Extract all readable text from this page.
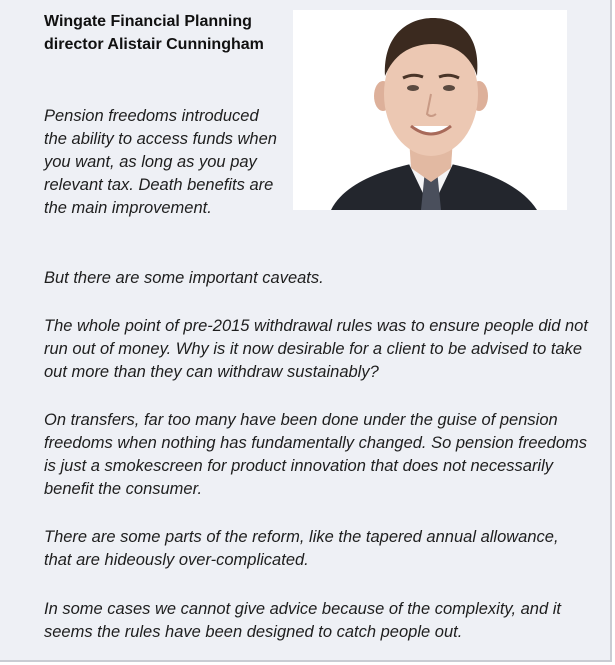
Wingate Financial Planning director Alistair Cunningham

Pension freedoms introduced the ability to access funds when you want, as long as you pay relevant tax. Death benefits are the main improvement.

But there are some important caveats.

The whole point of pre-2015 withdrawal rules was to ensure people did not run out of money. Why is it now desirable for a client to be advised to take out more than they can withdraw sustainably?

On transfers, far too many have been done under the guise of pension freedoms when nothing has fundamentally changed. So pension freedoms is just a smokescreen for product innovation that does not necessarily benefit the consumer.

There are some parts of the reform, like the tapered annual allowance, that are hideously over-complicated.

In some cases we cannot give advice because of the complexity, and it seems the rules have been designed to catch people out.
